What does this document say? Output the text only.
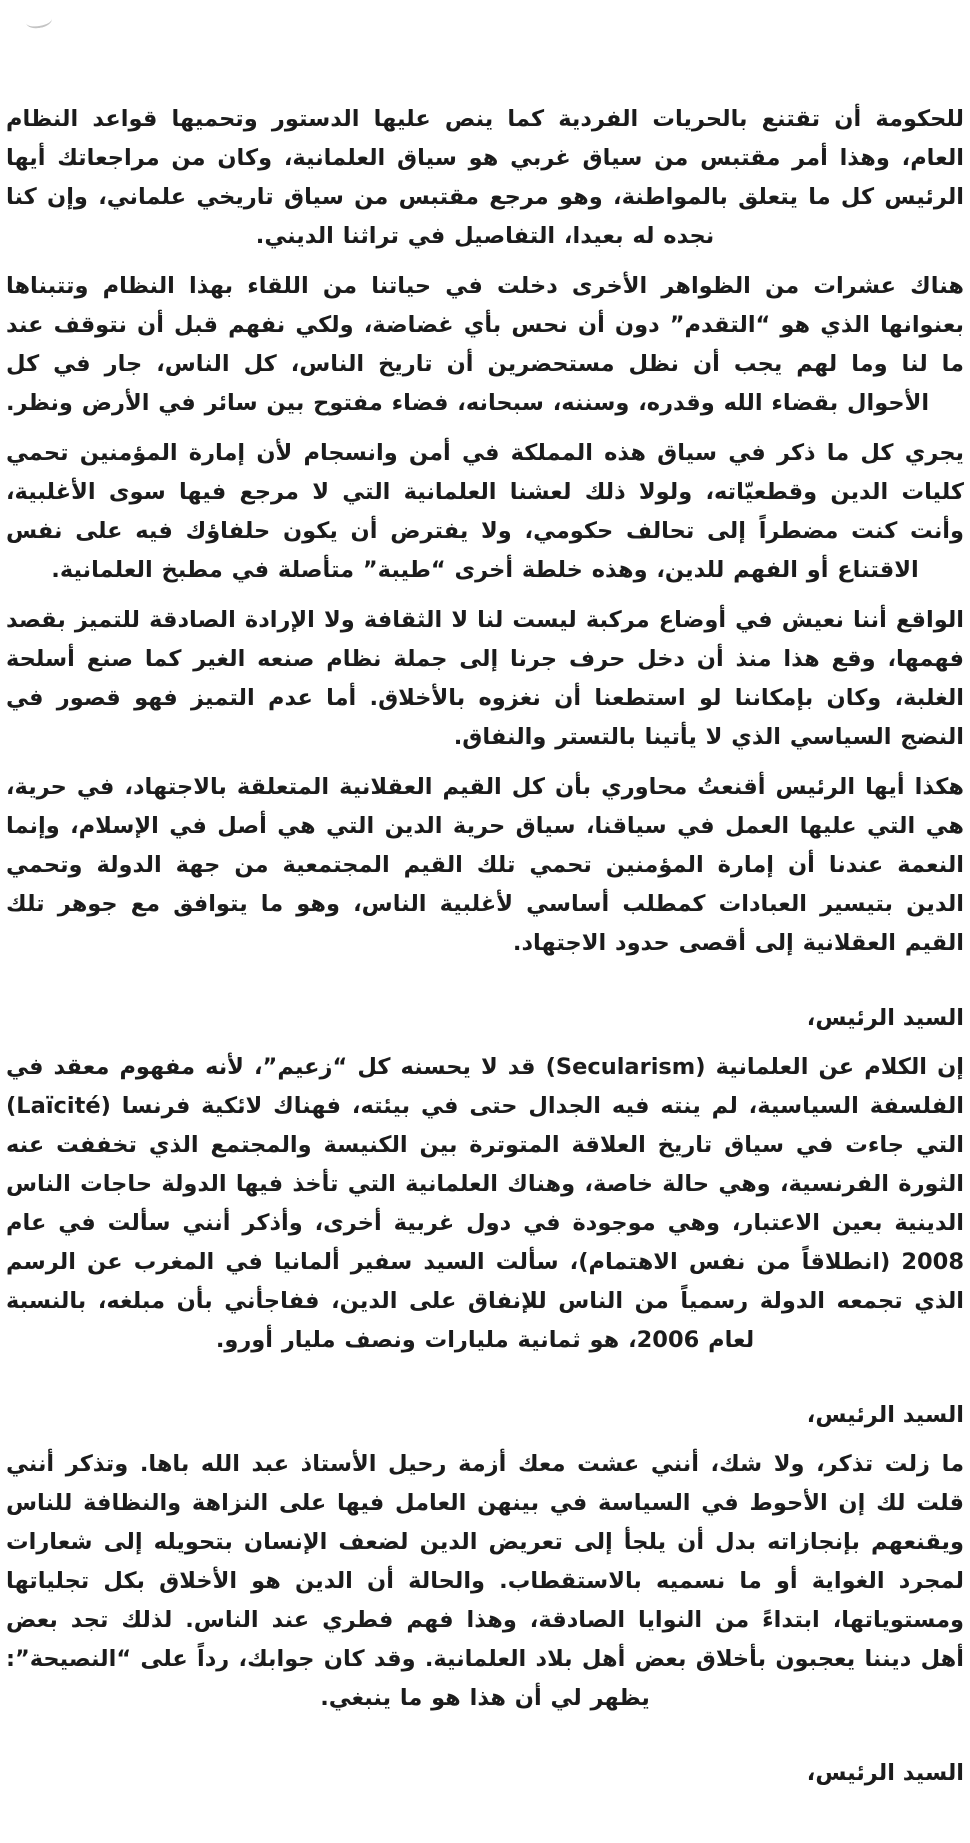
للحكومة أن تقتنع بالحريات الفردية كما ينص عليها الدستور وتحميها قواعد النظام العام، وهذا أمر مقتبس من سياق غربي هو سياق العلمانية، وكان من مراجعاتك أيها الرئيس كل ما يتعلق بالمواطنة، وهو مرجع مقتبس من سياق تاريخي علماني، وإن كنا نجده له بعيدا، التفاصيل في تراثنا الديني.

هناك عشرات من الظواهر الأخرى دخلت في حياتنا من اللقاء بهذا النظام وتتبناها بعنوانها الذي هو “التقدم” دون أن نحس بأي غضاضة، ولكي نفهم قبل أن نتوقف عند ما لنا وما لهم يجب أن نظل مستحضرين أن تاريخ الناس، كل الناس، جار في كل الأحوال بقضاء الله وقدره، وسننه، سبحانه، فضاء مفتوح بين سائر في الأرض ونظر.

يجري كل ما ذكر في سياق هذه المملكة في أمن وانسجام لأن إمارة المؤمنين تحمي كليات الدين وقطعيّاته، ولولا ذلك لعشنا العلمانية التي لا مرجع فيها سوى الأغلبية، وأنت كنت مضطراً إلى تحالف حكومي، ولا يفترض أن يكون حلفاؤك فيه على نفس الاقتناع أو الفهم للدين، وهذه خلطة أخرى “طيبة” متأصلة في مطبخ العلمانية.

الواقع أننا نعيش في أوضاع مركبة ليست لنا لا الثقافة ولا الإرادة الصادقة للتميز بقصد فهمها، وقع هذا منذ أن دخل حرف جرنا إلى جملة نظام صنعه الغير كما صنع أسلحة الغلبة، وكان بإمكاننا لو استطعنا أن نغزوه بالأخلاق. أما عدم التميز فهو قصور في النضج السياسي الذي لا يأتينا بالتستر والنفاق.

هكذا أيها الرئيس أقنعتُ محاوري بأن كل القيم العقلانية المتعلقة بالاجتهاد، في حرية، هي التي عليها العمل في سياقنا، سياق حرية الدين التي هي أصل في الإسلام، وإنما النعمة عندنا أن إمارة المؤمنين تحمي تلك القيم المجتمعية من جهة الدولة وتحمي الدين بتيسير العبادات كمطلب أساسي لأغلبية الناس، وهو ما يتوافق مع جوهر تلك القيم العقلانية إلى أقصى حدود الاجتهاد.

السيد الرئيس،

إن الكلام عن العلمانية (Secularism) قد لا يحسنه كل “زعيم”، لأنه مفهوم معقد في الفلسفة السياسية، لم ينته فيه الجدال حتى في بيئته، فهناك لائكية فرنسا (Laïcité) التي جاءت في سياق تاريخ العلاقة المتوترة بين الكنيسة والمجتمع الذي تخففت عنه الثورة الفرنسية، وهي حالة خاصة، وهناك العلمانية التي تأخذ فيها الدولة حاجات الناس الدينية بعين الاعتبار، وهي موجودة في دول غربية أخرى، وأذكر أنني سألت في عام 2008 (انطلاقاً من نفس الاهتمام)، سألت السيد سفير ألمانيا في المغرب عن الرسم الذي تجمعه الدولة رسمياً من الناس للإنفاق على الدين، ففاجأني بأن مبلغه، بالنسبة لعام 2006، هو ثمانية مليارات ونصف مليار أورو.

السيد الرئيس،

ما زلت تذكر، ولا شك، أنني عشت معك أزمة رحيل الأستاذ عبد الله باها. وتذكر أنني قلت لك إن الأحوط في السياسة في بينهن العامل فيها على النزاهة والنظافة للناس ويقنعهم بإنجازاته بدل أن يلجأ إلى تعريض الدين لضعف الإنسان بتحويله إلى شعارات لمجرد الغواية أو ما نسميه بالاستقطاب. والحالة أن الدين هو الأخلاق بكل تجلياتها ومستوياتها، ابتداءً من النوايا الصادقة، وهذا فهم فطري عند الناس. لذلك تجد بعض أهل ديننا يعجبون بأخلاق بعض أهل بلاد العلمانية. وقد كان جوابك، رداً على “النصيحة”: يظهر لي أن هذا هو ما ينبغي.

السيد الرئيس،
